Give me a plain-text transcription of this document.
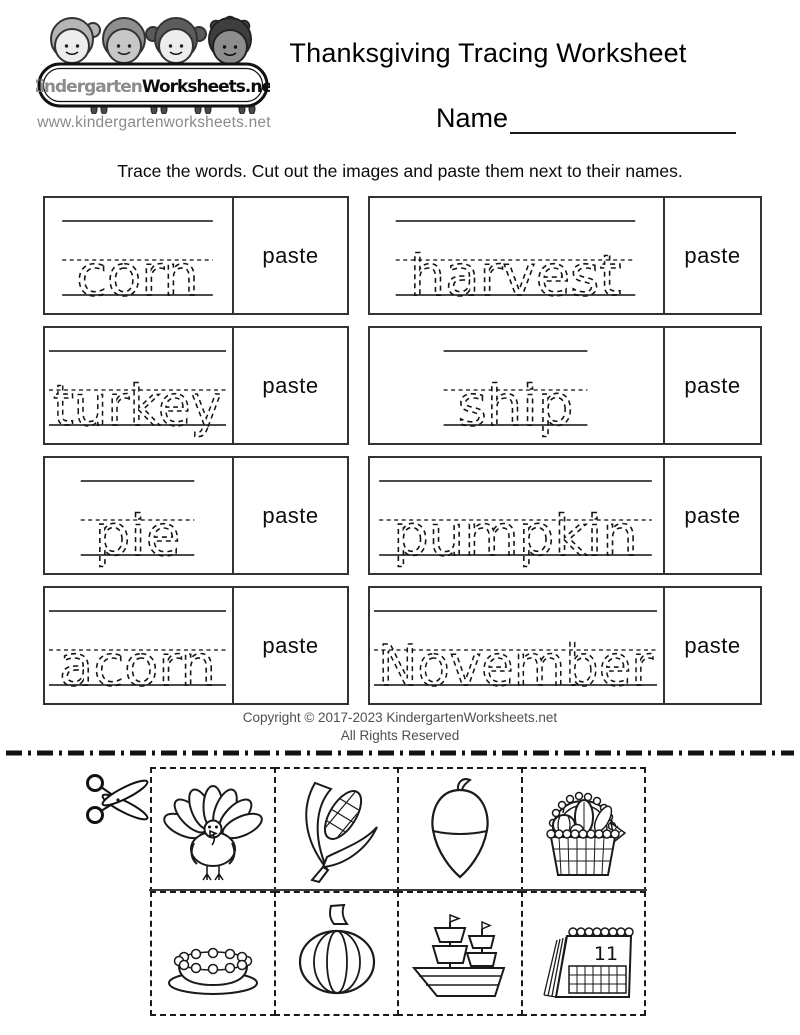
KindergartenWorksheets.net
www.kindergartenworksheets.net
Thanksgiving Tracing Worksheet
Name
Trace the words. Cut out the images and paste them next to their names.
corn	paste harvest	paste
turkey paste ship	paste
pie	paste pumpkin paste
acorn paste November paste
Copyright © 2017-2023 KindergartenWorksheets.net
All Rights Reserved
11
